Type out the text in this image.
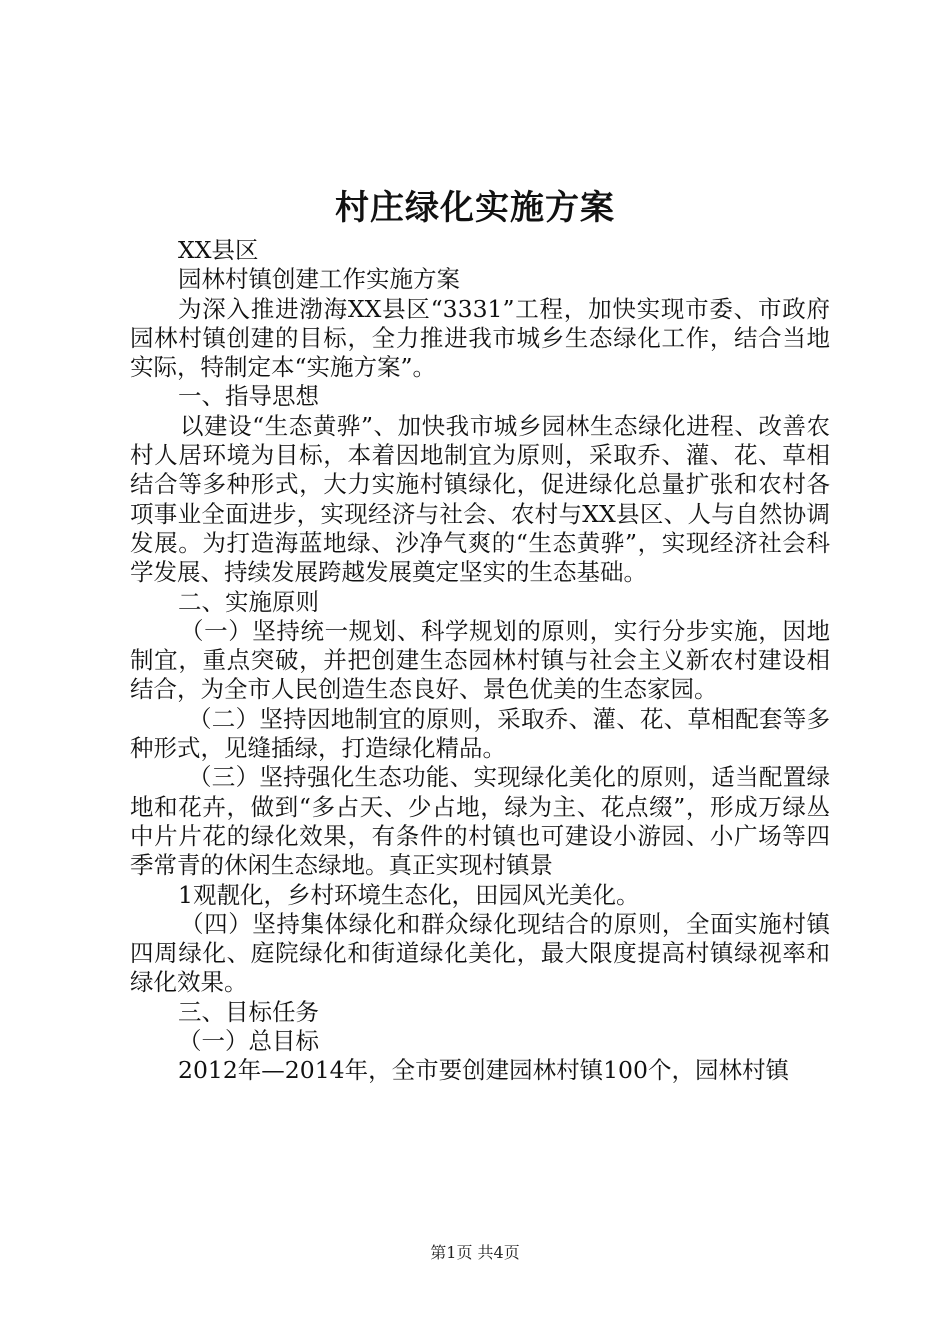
村庄绿化实施方案

XX县区

园林村镇创建工作实施方案

为深入推进渤海XX县区“3331”工程，加快实现市委、市政府园林村镇创建的目标，全力推进我市城乡生态绿化工作，结合当地实际，特制定本“实施方案”。

一、指导思想

以建设“生态黄骅”、加快我市城乡园林生态绿化进程、改善农村人居环境为目标，本着因地制宜为原则，采取乔、灌、花、草相结合等多种形式，大力实施村镇绿化，促进绿化总量扩张和农村各项事业全面进步，实现经济与社会、农村与XX县区、人与自然协调发展。为打造海蓝地绿、沙净气爽的“生态黄骅”，实现经济社会科学发展、持续发展跨越发展奠定坚实的生态基础。

二、实施原则

（一）坚持统一规划、科学规划的原则，实行分步实施，因地制宜，重点突破，并把创建生态园林村镇与社会主义新农村建设相结合，为全市人民创造生态良好、景色优美的生态家园。

（二）坚持因地制宜的原则，采取乔、灌、花、草相配套等多种形式，见缝插绿，打造绿化精品。

（三）坚持强化生态功能、实现绿化美化的原则，适当配置绿地和花卉，做到“多占天、少占地，绿为主、花点缀”，形成万绿丛中片片花的绿化效果，有条件的村镇也可建设小游园、小广场等四季常青的休闲生态绿地。真正实现村镇景

1观靓化，乡村环境生态化，田园风光美化。

（四）坚持集体绿化和群众绿化现结合的原则，全面实施村镇四周绿化、庭院绿化和街道绿化美化，最大限度提高村镇绿视率和绿化效果。

三、目标任务

（一）总目标

2012年—2014年，全市要创建园林村镇100个，园林村镇

第1页 共4页
